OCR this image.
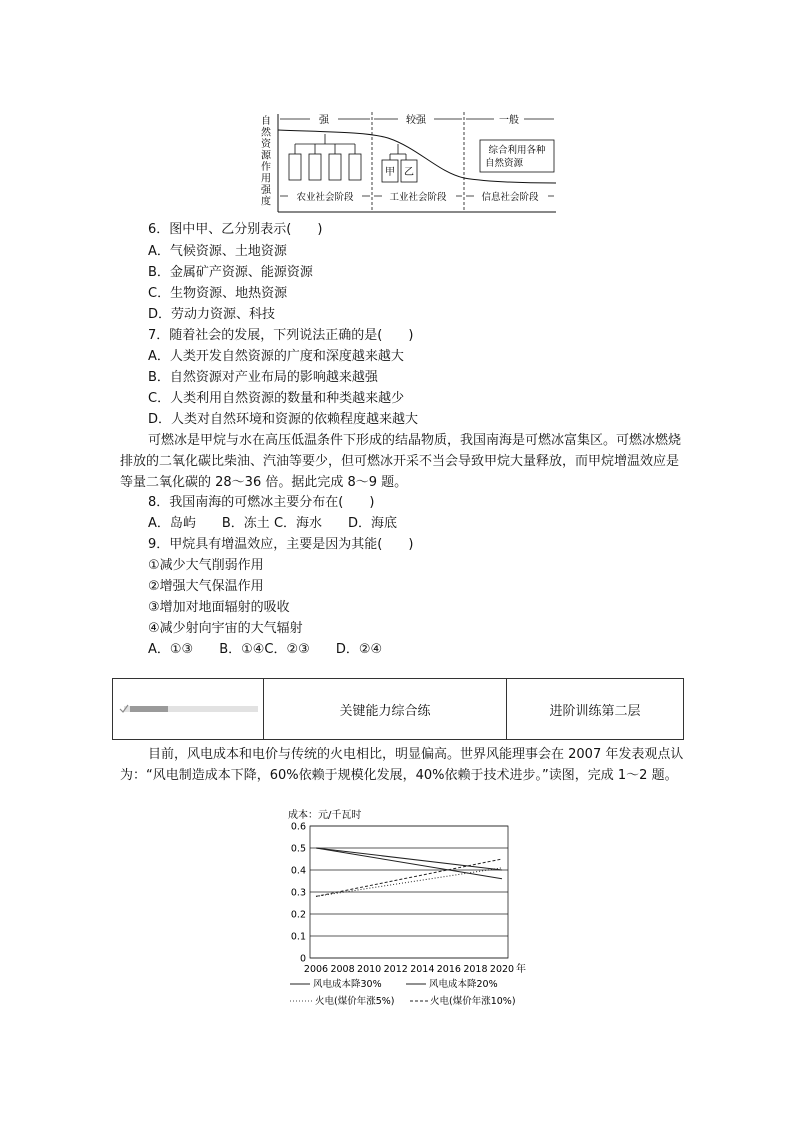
自
然
资
源
作
用
强
度
强	较强	一般
甲 乙
综合利用各种
自然资源
农业社会阶段	工业社会阶段	信息社会阶段
6．图中甲、乙分别表示(　　)
A．气候资源、土地资源
B．金属矿产资源、能源资源
C．生物资源、地热资源
D．劳动力资源、科技
7．随着社会的发展，下列说法正确的是(　　)
A．人类开发自然资源的广度和深度越来越大
B．自然资源对产业布局的影响越来越强
C．人类利用自然资源的数量和种类越来越少
D．人类对自然环境和资源的依赖程度越来越大
可燃冰是甲烷与水在高压低温条件下形成的结晶物质，我国南海是可燃冰富集区。可燃冰燃烧排放的二氧化碳比柴油、汽油等要少，但可燃冰开采不当会导致甲烷大量释放，而甲烷增温效应是等量二氧化碳的 28～36 倍。据此完成 8～9 题。
8．我国南海的可燃冰主要分布在(　　)
A．岛屿　　B．冻土 C．海水　　D．海底
9．甲烷具有增温效应，主要是因为其能(　　)
①减少大气削弱作用
②增强大气保温作用
③增加对地面辐射的吸收
④减少射向宇宙的大气辐射
A．①③　　B．①④C．②③　　D．②④
关键能力综合练	进阶训练第二层
目前，风电成本和电价与传统的火电相比，明显偏高。世界风能理事会在 2007 年发表观点认为：“风电制造成本下降，60%依赖于规模化发展，40%依赖于技术进步。”读图，完成 1～2 题。
成本：元/千瓦时
0
0.1
0.2
0.3
0.4
0.5
0.6
2006 2008 2010 2012 2014 2016 2018 2020 年
风电成本降30%	风电成本降20%
火电(煤价年涨5%)	火电(煤价年涨10%)
